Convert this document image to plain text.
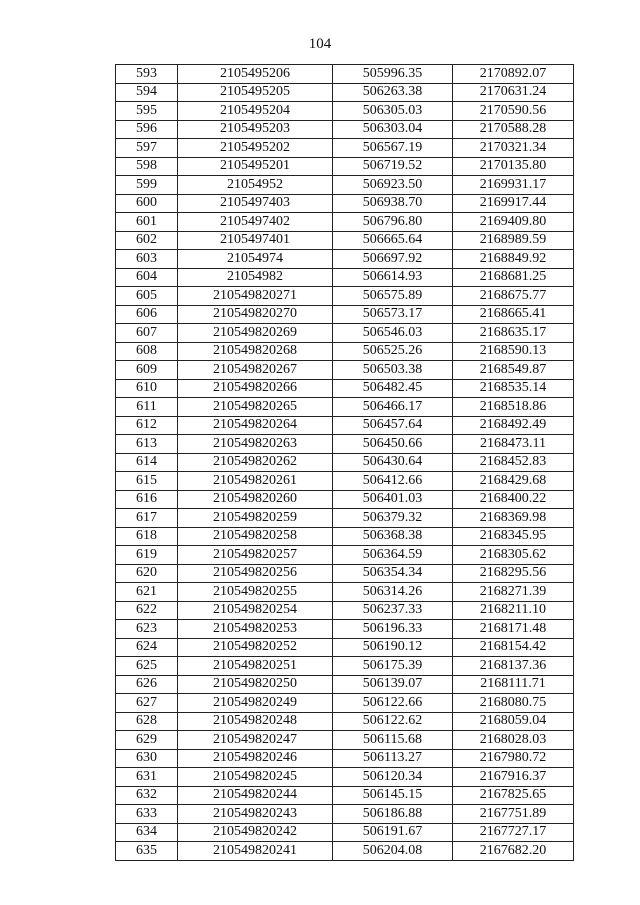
104
593	2105495206	505996.35	2170892.07
594	2105495205	506263.38	2170631.24
595	2105495204	506305.03	2170590.56
596	2105495203	506303.04	2170588.28
597	2105495202	506567.19	2170321.34
598	2105495201	506719.52	2170135.80
599	21054952	506923.50	2169931.17
600	2105497403	506938.70	2169917.44
601	2105497402	506796.80	2169409.80
602	2105497401	506665.64	2168989.59
603	21054974	506697.92	2168849.92
604	21054982	506614.93	2168681.25
605	210549820271	506575.89	2168675.77
606	210549820270	506573.17	2168665.41
607	210549820269	506546.03	2168635.17
608	210549820268	506525.26	2168590.13
609	210549820267	506503.38	2168549.87
610	210549820266	506482.45	2168535.14
611	210549820265	506466.17	2168518.86
612	210549820264	506457.64	2168492.49
613	210549820263	506450.66	2168473.11
614	210549820262	506430.64	2168452.83
615	210549820261	506412.66	2168429.68
616	210549820260	506401.03	2168400.22
617	210549820259	506379.32	2168369.98
618	210549820258	506368.38	2168345.95
619	210549820257	506364.59	2168305.62
620	210549820256	506354.34	2168295.56
621	210549820255	506314.26	2168271.39
622	210549820254	506237.33	2168211.10
623	210549820253	506196.33	2168171.48
624	210549820252	506190.12	2168154.42
625	210549820251	506175.39	2168137.36
626	210549820250	506139.07	2168111.71
627	210549820249	506122.66	2168080.75
628	210549820248	506122.62	2168059.04
629	210549820247	506115.68	2168028.03
630	210549820246	506113.27	2167980.72
631	210549820245	506120.34	2167916.37
632	210549820244	506145.15	2167825.65
633	210549820243	506186.88	2167751.89
634	210549820242	506191.67	2167727.17
635	210549820241	506204.08	2167682.20
